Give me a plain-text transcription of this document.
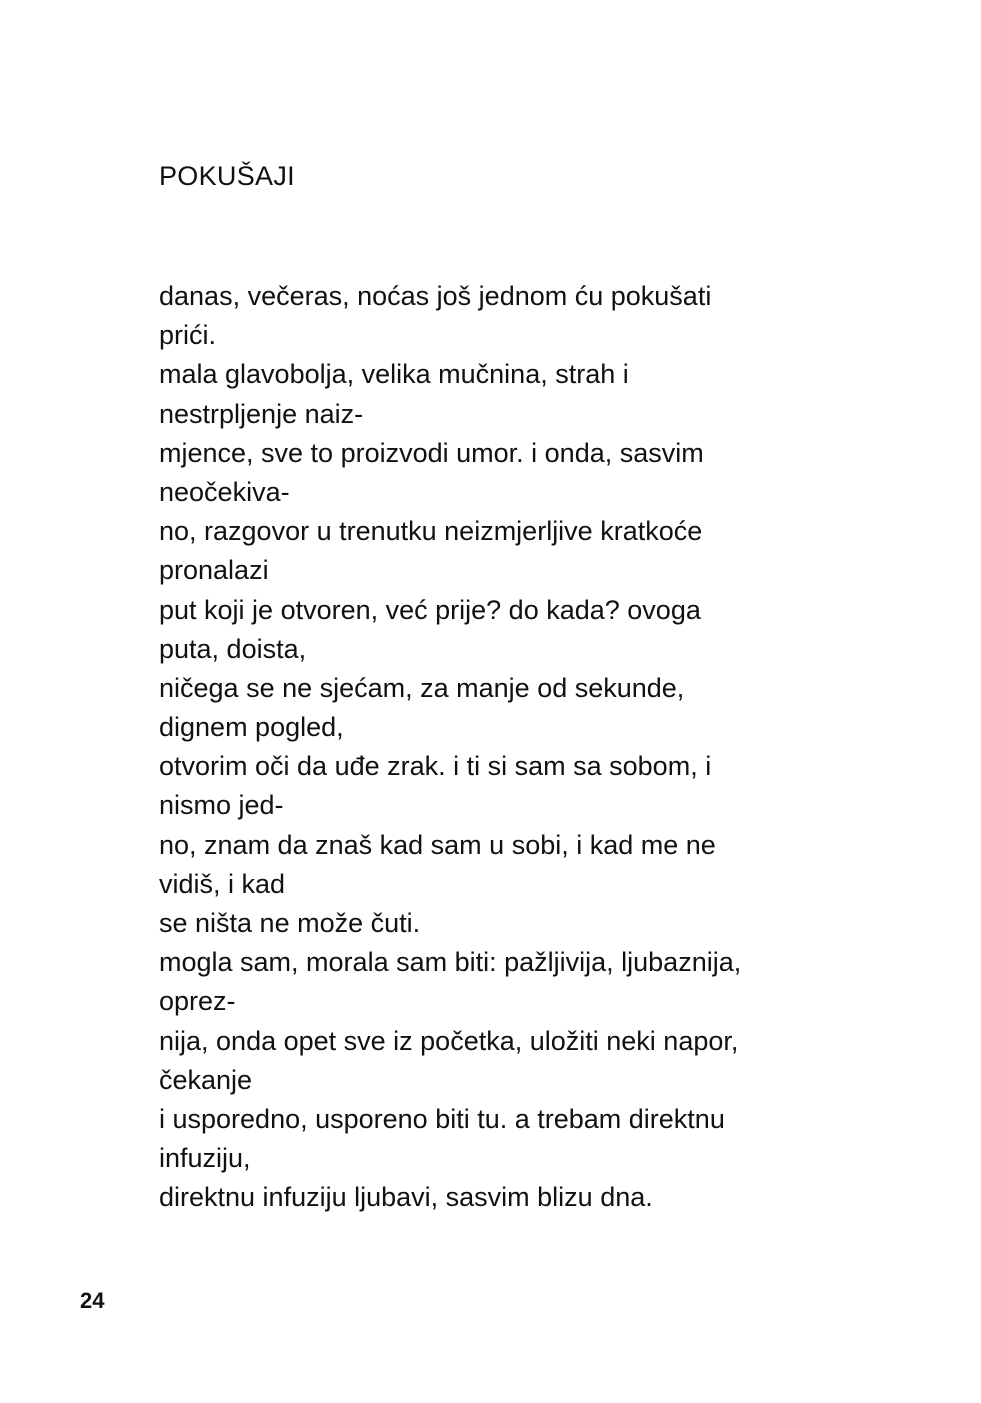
POKUŠAJI
danas, večeras, noćas još jednom ću pokušati
prići.
mala glavobolja, velika mučnina, strah i
nestrpljenje naiz-
mjence, sve to proizvodi umor. i onda, sasvim
neočekiva-
no, razgovor u trenutku neizmjerljive kratkoće
pronalazi
put koji je otvoren, već prije? do kada? ovoga
puta, doista,
ničega se ne sjećam, za manje od sekunde,
dignem pogled,
otvorim oči da uđe zrak. i ti si sam sa sobom, i
nismo jed-
no, znam da znaš kad sam u sobi, i kad me ne
vidiš, i kad
se ništa ne može čuti.
mogla sam, morala sam biti: pažljivija, ljubaznija,
oprez-
nija, onda opet sve iz početka, uložiti neki napor,
čekanje
i usporedno, usporeno biti tu. a trebam direktnu
infuziju,
direktnu infuziju ljubavi, sasvim blizu dna.
24
